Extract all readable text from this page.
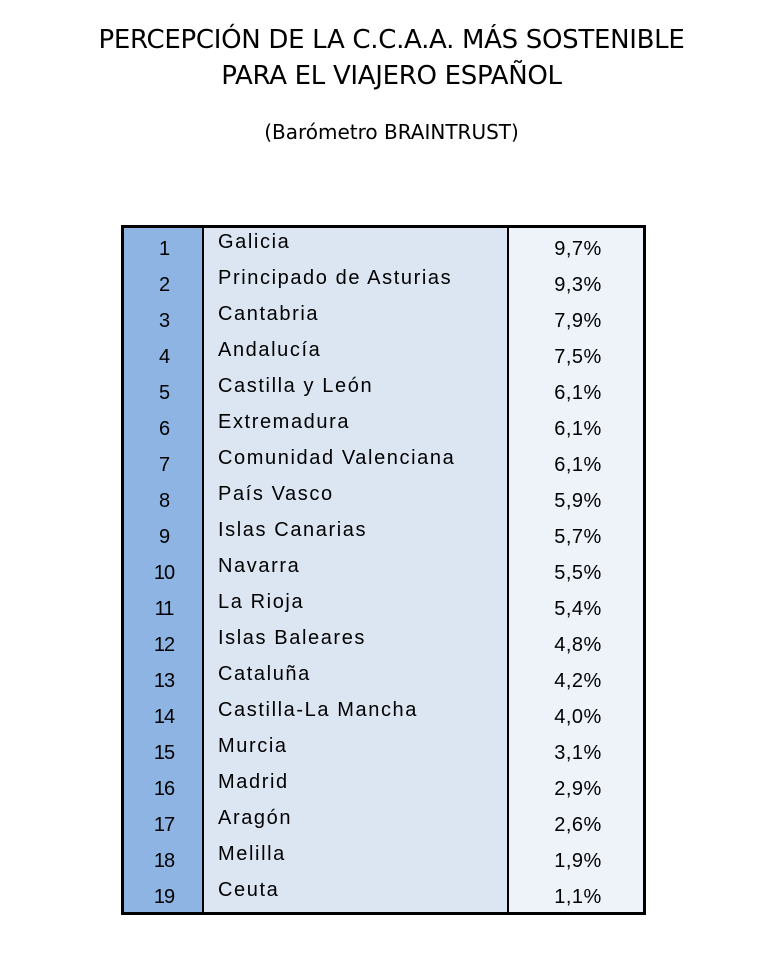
PERCEPCIÓN DE LA C.C.A.A. MÁS SOSTENIBLE
PARA EL VIAJERO ESPAÑOL
(Barómetro BRAINTRUST)
1
2
3
4
5
6
7
8
9
10
11
12
13
14
15
16
17
18
19
Galicia
Principado de Asturias
Cantabria
Andalucía
Castilla y León
Extremadura
Comunidad Valenciana
País Vasco
Islas Canarias
Navarra
La Rioja
Islas Baleares
Cataluña
Castilla-La Mancha
Murcia
Madrid
Aragón
Melilla
Ceuta
9,7%
9,3%
7,9%
7,5%
6,1%
6,1%
6,1%
5,9%
5,7%
5,5%
5,4%
4,8%
4,2%
4,0%
3,1%
2,9%
2,6%
1,9%
1,1%
